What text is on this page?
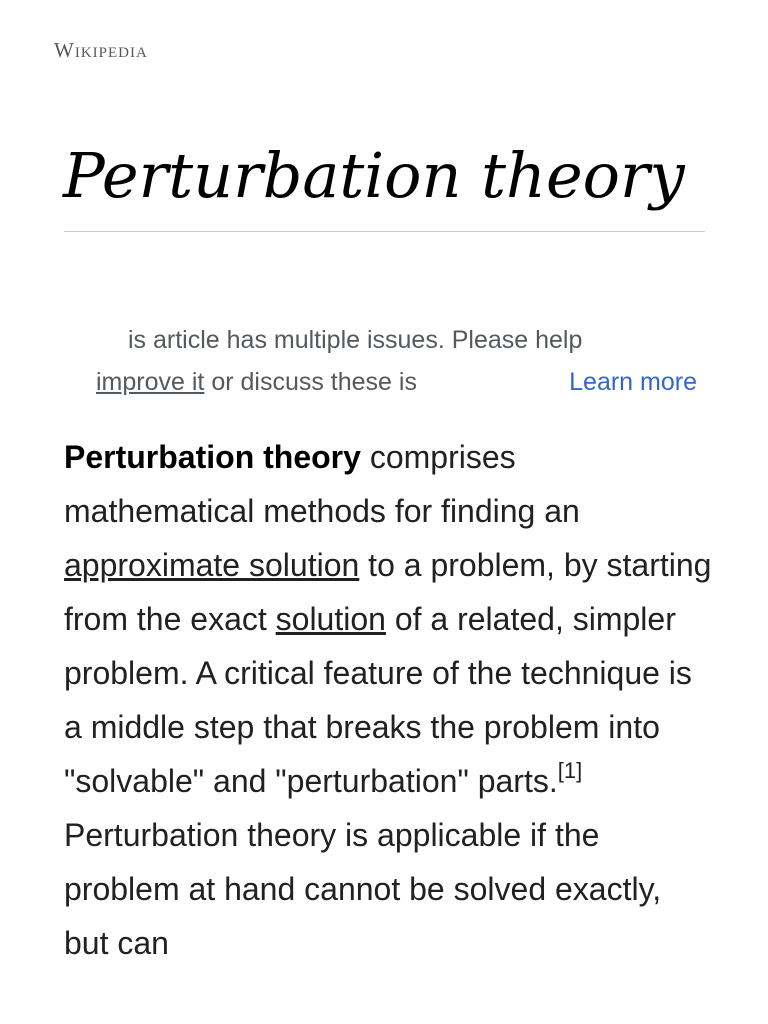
Wikipedia
Perturbation theory
is article has multiple issues. Please help
improve it or discuss these is	Learn more

Perturbation theory comprises mathematical methods for finding an approximate solution to a problem, by starting from the exact solution of a related, simpler problem. A critical feature of the technique is a middle step that breaks the problem into "solvable" and "perturbation" parts.[1] Perturbation theory is applicable if the problem at hand cannot be solved exactly, but can
